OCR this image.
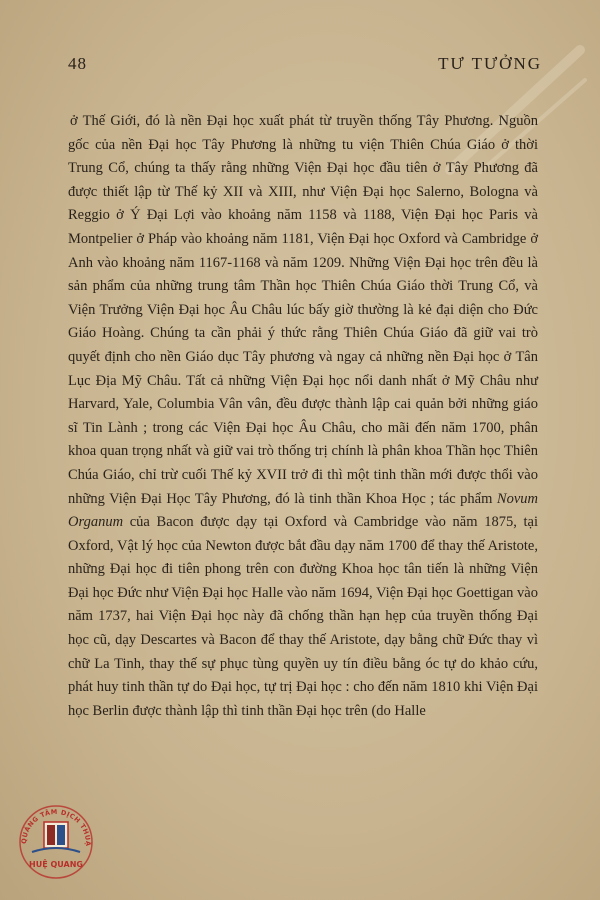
48	TƯ TƯỞNG
ở Thế Giới, đó là nền Đại học xuất phát từ truyền thống Tây Phương. Nguồn gốc của nền Đại học Tây Phương là những tu viện Thiên Chúa Giáo ở thời Trung Cổ, chúng ta thấy rằng những Viện Đại học đầu tiên ở Tây Phương đã được thiết lập từ Thế kỷ XII và XIII, như Viện Đại học Salerno, Bologna và Reggio ở Ý Đại Lợi vào khoảng năm 1158 và 1188, Viện Đại học Paris và Montpelier ở Pháp vào khoảng năm 1181, Viện Đại học Oxford và Cambridge ở Anh vào khoảng năm 1167-1168 và năm 1209. Những Viện Đại học trên đều là sản phẩm của những trung tâm Thần học Thiên Chúa Giáo thời Trung Cổ, và Viện Trưởng Viện Đại học Âu Châu lúc bấy giờ thường là kẻ đại diện cho Đức Giáo Hoàng. Chúng ta cần phải ý thức rằng Thiên Chúa Giáo đã giữ vai trò quyết định cho nền Giáo dục Tây phương và ngay cả những nền Đại học ở Tân Lục Địa Mỹ Châu. Tất cả những Viện Đại học nổi danh nhất ở Mỹ Châu như Harvard, Yale, Columbia Vân vân, đều được thành lập cai quản bởi những giáo sĩ Tin Lành ; trong các Viện Đại học Âu Châu, cho mãi đến năm 1700, phân khoa quan trọng nhất và giữ vai trò thống trị chính là phân khoa Thần học Thiên Chúa Giáo, chỉ trừ cuối Thế kỷ XVII trở đi thì một tinh thần mới được thổi vào những Viện Đại Học Tây Phương, đó là tinh thần Khoa Học ; tác phẩm Novum Organum của Bacon được dạy tại Oxford và Cambridge vào năm 1875, tại Oxford, Vật lý học của Newton được bắt đầu dạy năm 1700 để thay thế Aristote, những Đại học đi tiên phong trên con đường Khoa học tân tiến là những Viện Đại học Đức như Viện Đại học Halle vào năm 1694, Viện Đại học Goettigan vào năm 1737, hai Viện Đại học này đã chống thần hạn hẹp của truyền thống Đại học cũ, dạy Descartes và Bacon để thay thế Aristote, dạy bằng chữ Đức thay vì chữ La Tinh, thay thế sự phục tùng quyền uy tín điều bằng óc tự do khảo cứu, phát huy tinh thần tự do Đại học, tự trị Đại học : cho đến năm 1810 khi Viện Đại học Berlin được thành lập thì tinh thần Đại học trên (do Halle
QUẢNG TÂM DỊCH THUẬ
HUỆ QUANG
